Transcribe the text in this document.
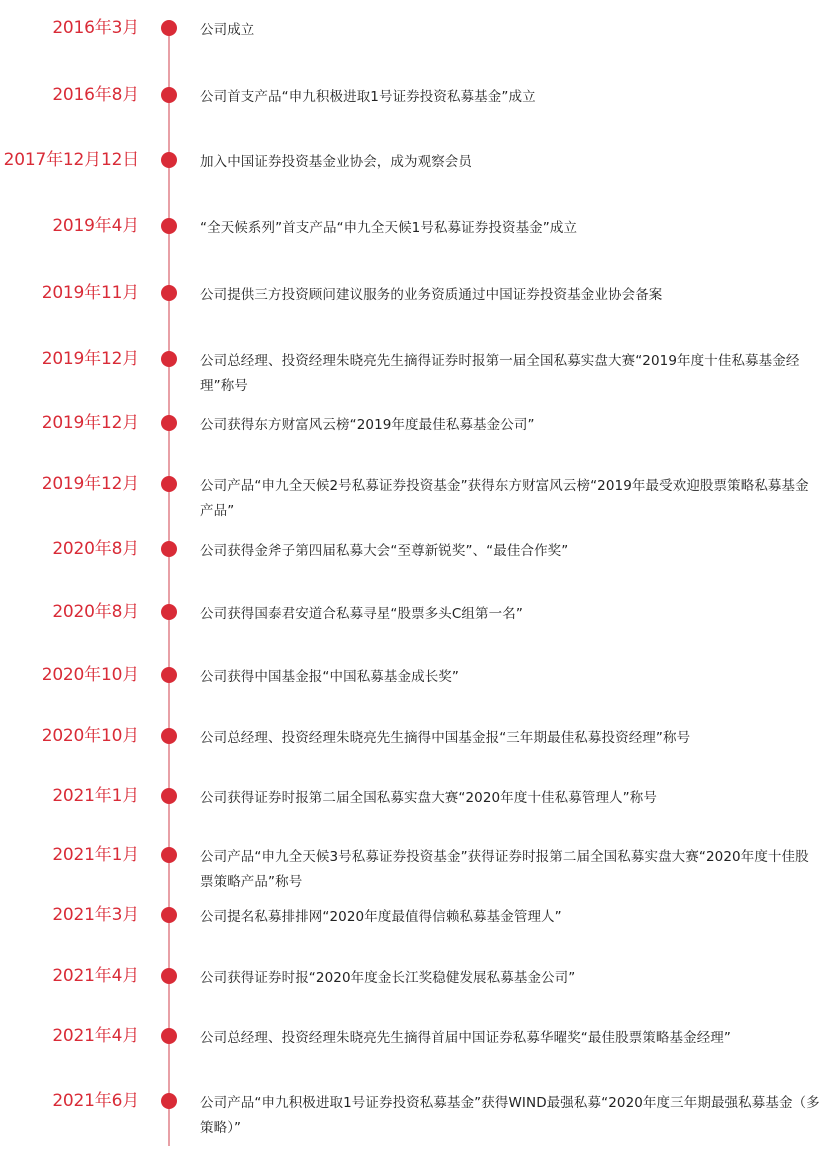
2016年3月	公司成立
2016年8月	公司首支产品“申九积极进取1号证券投资私募基金”成立
2017年12月12日	加入中国证券投资基金业协会，成为观察会员
2019年4月	“全天候系列”首支产品“申九全天候1号私募证券投资基金”成立
2019年11月	公司提供三方投资顾问建议服务的业务资质通过中国证券投资基金业协会备案
2019年12月	公司总经理、投资经理朱晓亮先生摘得证券时报第一届全国私募实盘大赛“2019年度十佳私募基金经理”称号
2019年12月	公司获得东方财富风云榜“2019年度最佳私募基金公司”
2019年12月	公司产品“申九全天候2号私募证券投资基金”获得东方财富风云榜“2019年最受欢迎股票策略私募基金产品”
2020年8月	公司获得金斧子第四届私募大会“至尊新锐奖”、“最佳合作奖”
2020年8月	公司获得国泰君安道合私募寻星“股票多头C组第一名”
2020年10月	公司获得中国基金报“中国私募基金成长奖”
2020年10月	公司总经理、投资经理朱晓亮先生摘得中国基金报“三年期最佳私募投资经理”称号
2021年1月	公司获得证券时报第二届全国私募实盘大赛“2020年度十佳私募管理人”称号
2021年1月	公司产品“申九全天候3号私募证券投资基金”获得证券时报第二届全国私募实盘大赛“2020年度十佳股票策略产品”称号
2021年3月	公司提名私募排排网“2020年度最值得信赖私募基金管理人”
2021年4月	公司获得证券时报“2020年度金长江奖稳健发展私募基金公司”
2021年4月	公司总经理、投资经理朱晓亮先生摘得首届中国证券私募华曜奖“最佳股票策略基金经理”
2021年6月	公司产品“申九积极进取1号证券投资私募基金”获得WIND最强私募“2020年度三年期最强私募基金（多策略）”
